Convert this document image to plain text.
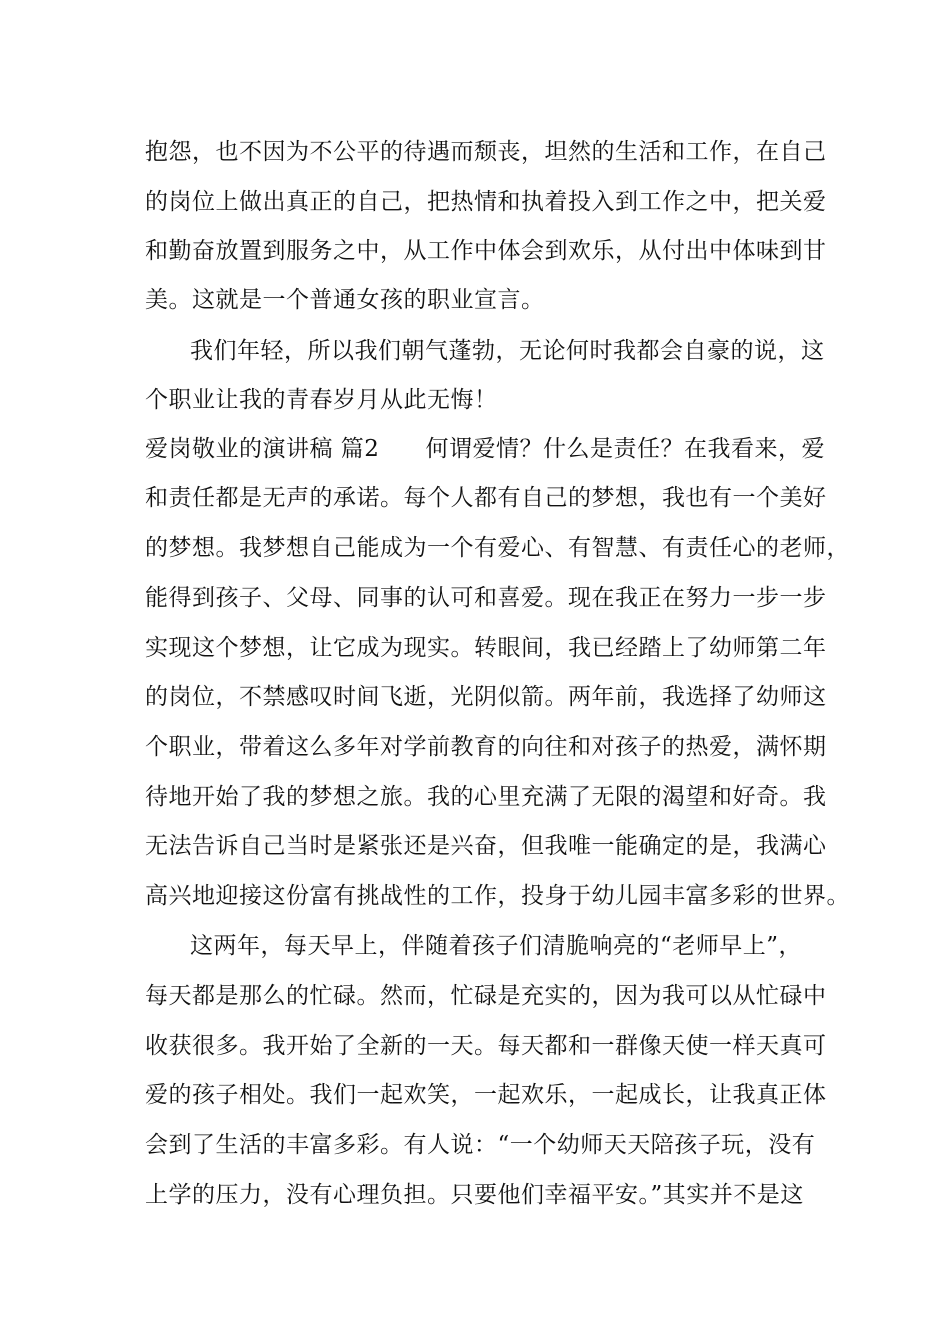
抱怨，也不因为不公平的待遇而颓丧，坦然的生活和工作，在自己

的岗位上做出真正的自己，把热情和执着投入到工作之中，把关爱

和勤奋放置到服务之中，从工作中体会到欢乐，从付出中体味到甘

美。这就是一个普通女孩的职业宣言。

我们年轻，所以我们朝气蓬勃，无论何时我都会自豪的说，这

个职业让我的青春岁月从此无悔！

爱岗敬业的演讲稿 篇2 何谓爱情？什么是责任？在我看来，爱

和责任都是无声的承诺。每个人都有自己的梦想，我也有一个美好

的梦想。我梦想自己能成为一个有爱心、有智慧、有责任心的老师，

能得到孩子、父母、同事的认可和喜爱。现在我正在努力一步一步

实现这个梦想，让它成为现实。转眼间，我已经踏上了幼师第二年

的岗位，不禁感叹时间飞逝，光阴似箭。两年前，我选择了幼师这

个职业，带着这么多年对学前教育的向往和对孩子的热爱，满怀期

待地开始了我的梦想之旅。我的心里充满了无限的渴望和好奇。我

无法告诉自己当时是紧张还是兴奋，但我唯一能确定的是，我满心

高兴地迎接这份富有挑战性的工作，投身于幼儿园丰富多彩的世界。

这两年，每天早上，伴随着孩子们清脆响亮的“老师早上”，

每天都是那么的忙碌。然而，忙碌是充实的，因为我可以从忙碌中

收获很多。我开始了全新的一天。每天都和一群像天使一样天真可

爱的孩子相处。我们一起欢笑，一起欢乐，一起成长，让我真正体

会到了生活的丰富多彩。有人说：“一个幼师天天陪孩子玩，没有

上学的压力，没有心理负担。只要他们幸福平安。”其实并不是这
